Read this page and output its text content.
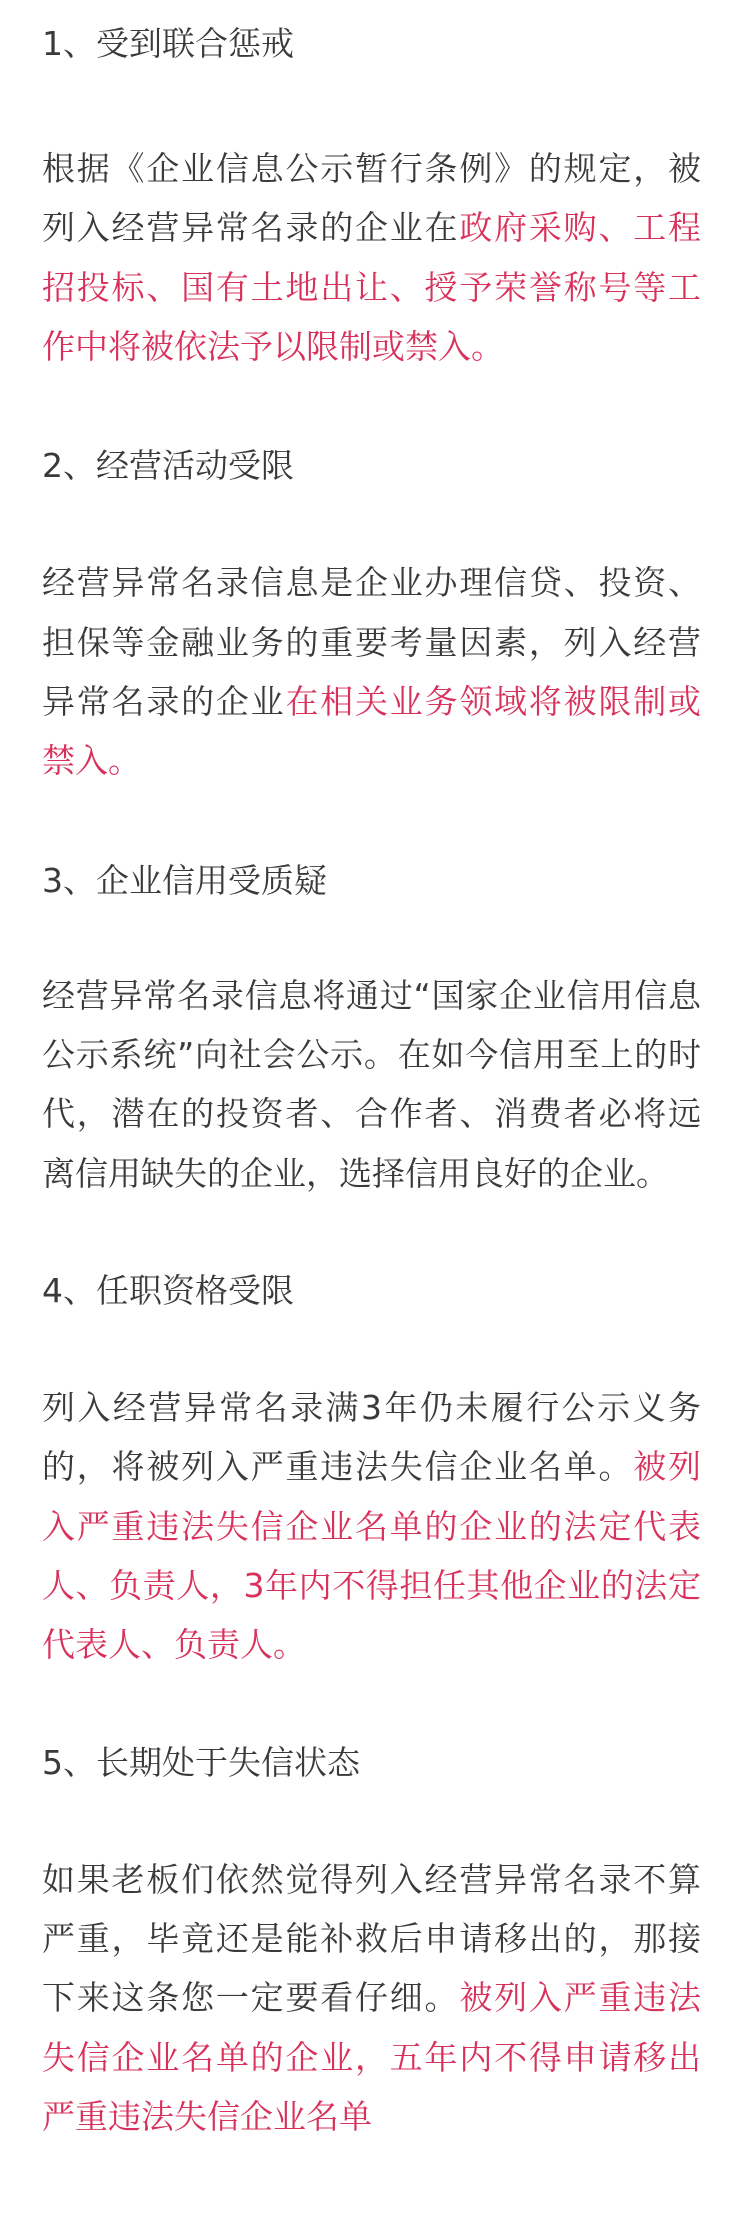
1、受到联合惩戒

根据《企业信息公示暂行条例》的规定，被列入经营异常名录的企业在政府采购、工程招投标、国有土地出让、授予荣誉称号等工作中将被依法予以限制或禁入。

2、经营活动受限

经营异常名录信息是企业办理信贷、投资、担保等金融业务的重要考量因素，列入经营异常名录的企业在相关业务领域将被限制或禁入。

3、企业信用受质疑

经营异常名录信息将通过“国家企业信用信息公示系统”向社会公示。在如今信用至上的时代，潜在的投资者、合作者、消费者必将远离信用缺失的企业，选择信用良好的企业。

4、任职资格受限

列入经营异常名录满3年仍未履行公示义务的，将被列入严重违法失信企业名单。被列入严重违法失信企业名单的企业的法定代表人、负责人，3年内不得担任其他企业的法定代表人、负责人。

5、长期处于失信状态

如果老板们依然觉得列入经营异常名录不算严重，毕竟还是能补救后申请移出的，那接下来这条您一定要看仔细。被列入严重违法失信企业名单的企业，五年内不得申请移出严重违法失信企业名单
